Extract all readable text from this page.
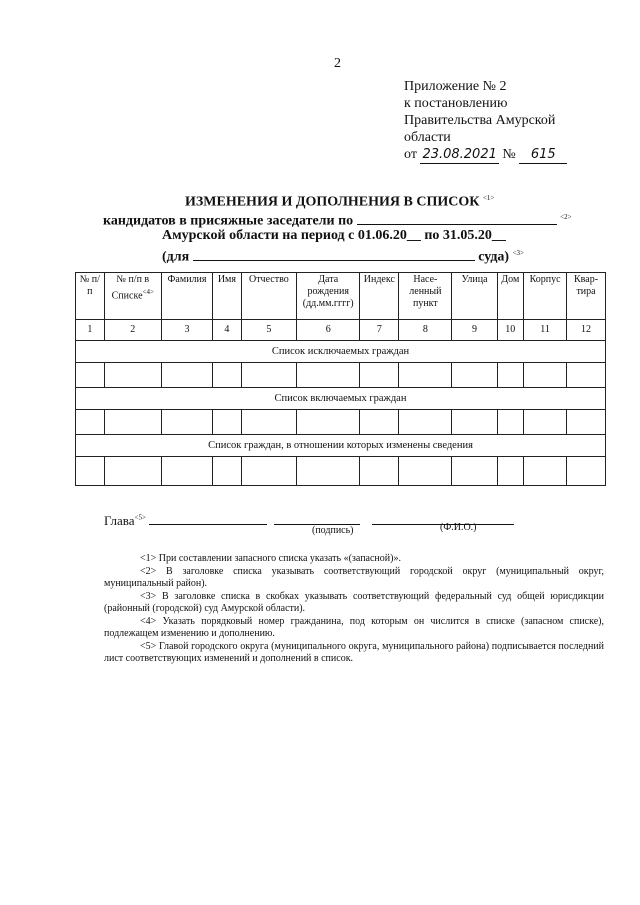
2
Приложение № 2
к постановлению
Правительства Амурской
области
от 23.08.2021 № 615
ИЗМЕНЕНИЯ И ДОПОЛНЕНИЯ В СПИСОК $^{<1>}$
кандидатов в присяжные заседатели по	$^{<2>}$
Амурской области на период с 01.06.20__ по 31.05.20__
(для	суда) $^{<3>}$
№ п/п	№ п/п в Списке$^{<4>}$	Фамилия	Имя	Отчество	Дата рождения (дд.мм.гггг)	Индекс	Насе-ленный пункт	Улица	Дом	Корпус	Квар-тира
1	2	3	4	5	6	7	8	9	10	11	12
Список исключаемых граждан											

Список включаемых граждан											

Список граждан, в отношении которых изменены сведения											

Глава$^{<5>}$
(подпись)	(Ф.И.О.)

<1> При составлении запасного списка указать «(запасной)».

<2> В заголовке списка указывать соответствующий городской округ (муниципальный округ, муниципальный район).

<3> В заголовке списка в скобках указывать соответствующий федеральный суд общей юрисдикции (районный (городской) суд Амурской области).

<4> Указать порядковый номер гражданина, под которым он числится в списке (запасном списке), подлежащем изменению и дополнению.

<5> Главой городского округа (муниципального округа, муниципального района) подписывается последний лист соответствующих изменений и дополнений в список.
